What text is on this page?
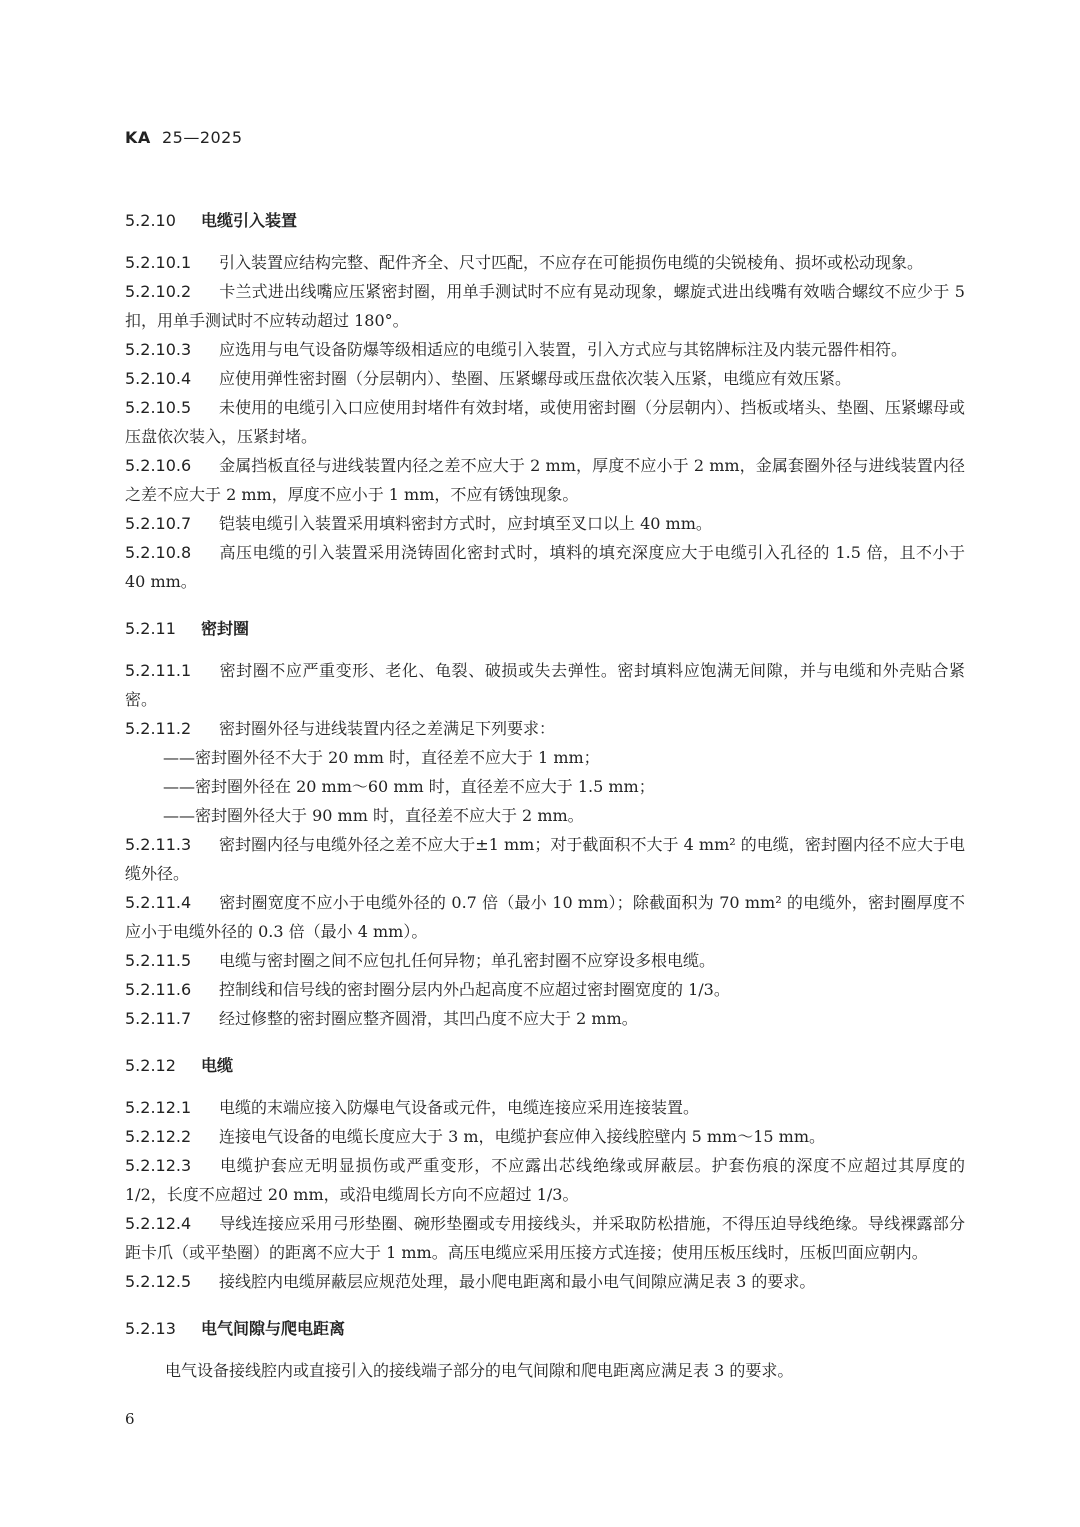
KA 25—2025
5.2.10 电缆引入装置
5.2.10.1 引入装置应结构完整、配件齐全、尺寸匹配，不应存在可能损伤电缆的尖锐棱角、损坏或松动现象。
5.2.10.2 卡兰式进出线嘴应压紧密封圈，用单手测试时不应有晃动现象，螺旋式进出线嘴有效啮合螺纹不应少于 5 扣，用单手测试时不应转动超过 180°。
5.2.10.3 应选用与电气设备防爆等级相适应的电缆引入装置，引入方式应与其铭牌标注及内装元器件相符。
5.2.10.4 应使用弹性密封圈（分层朝内）、垫圈、压紧螺母或压盘依次装入压紧，电缆应有效压紧。
5.2.10.5 未使用的电缆引入口应使用封堵件有效封堵，或使用密封圈（分层朝内）、挡板或堵头、垫圈、压紧螺母或压盘依次装入，压紧封堵。
5.2.10.6 金属挡板直径与进线装置内径之差不应大于 2 mm，厚度不应小于 2 mm，金属套圈外径与进线装置内径之差不应大于 2 mm，厚度不应小于 1 mm，不应有锈蚀现象。
5.2.10.7 铠装电缆引入装置采用填料密封方式时，应封填至叉口以上 40 mm。
5.2.10.8 高压电缆的引入装置采用浇铸固化密封式时，填料的填充深度应大于电缆引入孔径的 1.5 倍，且不小于 40 mm。
5.2.11 密封圈
5.2.11.1 密封圈不应严重变形、老化、龟裂、破损或失去弹性。密封填料应饱满无间隙，并与电缆和外壳贴合紧密。
5.2.11.2 密封圈外径与进线装置内径之差满足下列要求：
——密封圈外径不大于 20 mm 时，直径差不应大于 1 mm；
——密封圈外径在 20 mm～60 mm 时，直径差不应大于 1.5 mm；
——密封圈外径大于 90 mm 时，直径差不应大于 2 mm。
5.2.11.3 密封圈内径与电缆外径之差不应大于±1 mm；对于截面积不大于 4 mm² 的电缆，密封圈内径不应大于电缆外径。
5.2.11.4 密封圈宽度不应小于电缆外径的 0.7 倍（最小 10 mm）；除截面积为 70 mm² 的电缆外，密封圈厚度不应小于电缆外径的 0.3 倍（最小 4 mm）。
5.2.11.5 电缆与密封圈之间不应包扎任何异物；单孔密封圈不应穿设多根电缆。
5.2.11.6 控制线和信号线的密封圈分层内外凸起高度不应超过密封圈宽度的 1/3。
5.2.11.7 经过修整的密封圈应整齐圆滑，其凹凸度不应大于 2 mm。
5.2.12 电缆
5.2.12.1 电缆的末端应接入防爆电气设备或元件，电缆连接应采用连接装置。
5.2.12.2 连接电气设备的电缆长度应大于 3 m，电缆护套应伸入接线腔壁内 5 mm～15 mm。
5.2.12.3 电缆护套应无明显损伤或严重变形，不应露出芯线绝缘或屏蔽层。护套伤痕的深度不应超过其厚度的 1/2，长度不应超过 20 mm，或沿电缆周长方向不应超过 1/3。
5.2.12.4 导线连接应采用弓形垫圈、碗形垫圈或专用接线头，并采取防松措施，不得压迫导线绝缘。导线裸露部分距卡爪（或平垫圈）的距离不应大于 1 mm。高压电缆应采用压接方式连接；使用压板压线时，压板凹面应朝内。
5.2.12.5 接线腔内电缆屏蔽层应规范处理，最小爬电距离和最小电气间隙应满足表 3 的要求。
5.2.13 电气间隙与爬电距离
电气设备接线腔内或直接引入的接线端子部分的电气间隙和爬电距离应满足表 3 的要求。
6
